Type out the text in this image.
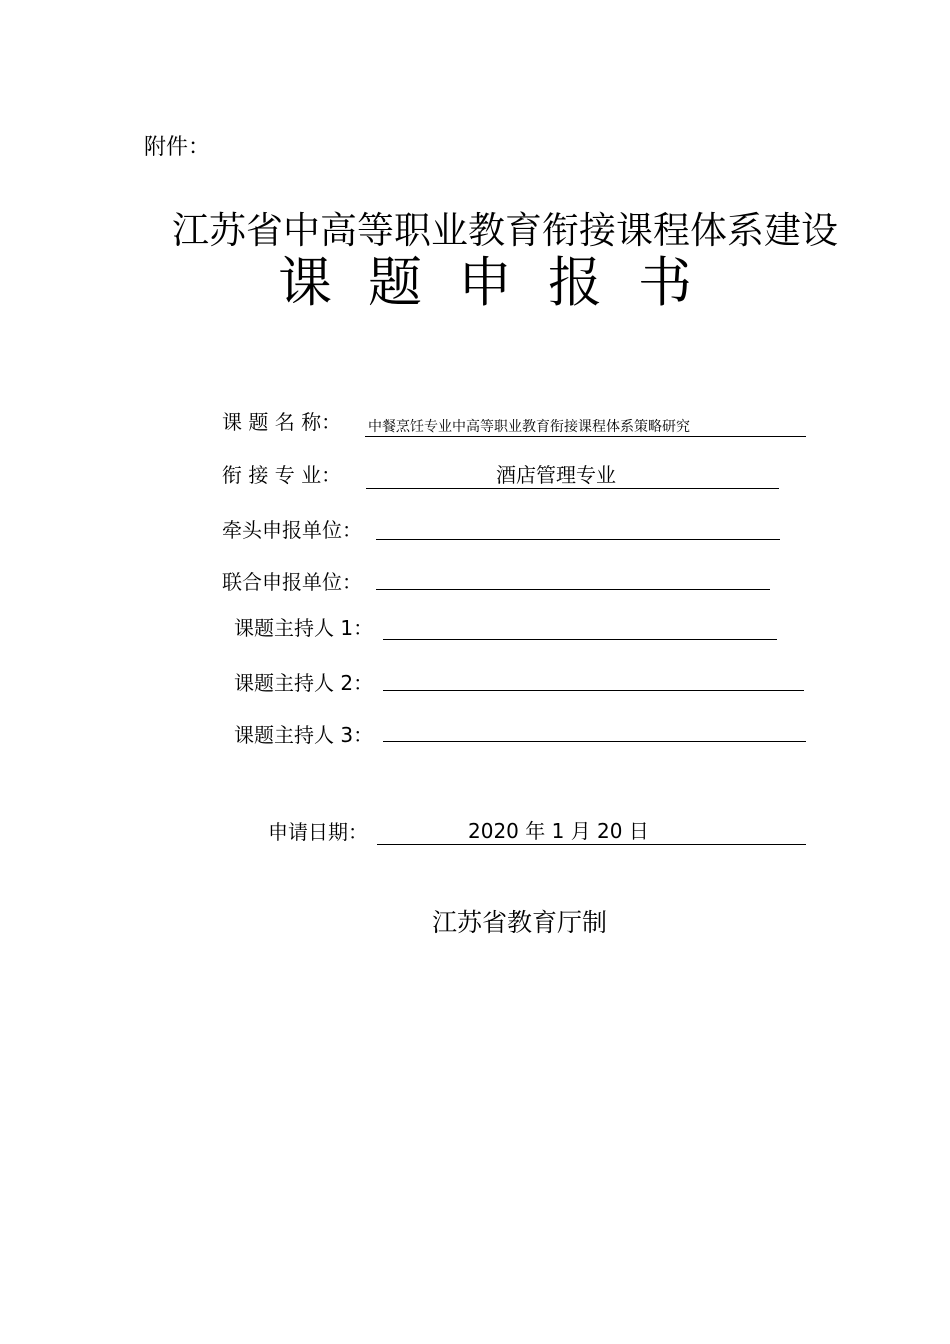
附件：
江苏省中高等职业教育衔接课程体系建设
课题申报书
课 题 名 称： 中餐烹饪专业中高等职业教育衔接课程体系策略研究
衔 接 专 业：	酒店管理专业
牵头申报单位：
联合申报单位：
课题主持人 1：
课题主持人 2：
课题主持人 3：
申请日期：	2020 年 1 月 20 日
江苏省教育厅制
